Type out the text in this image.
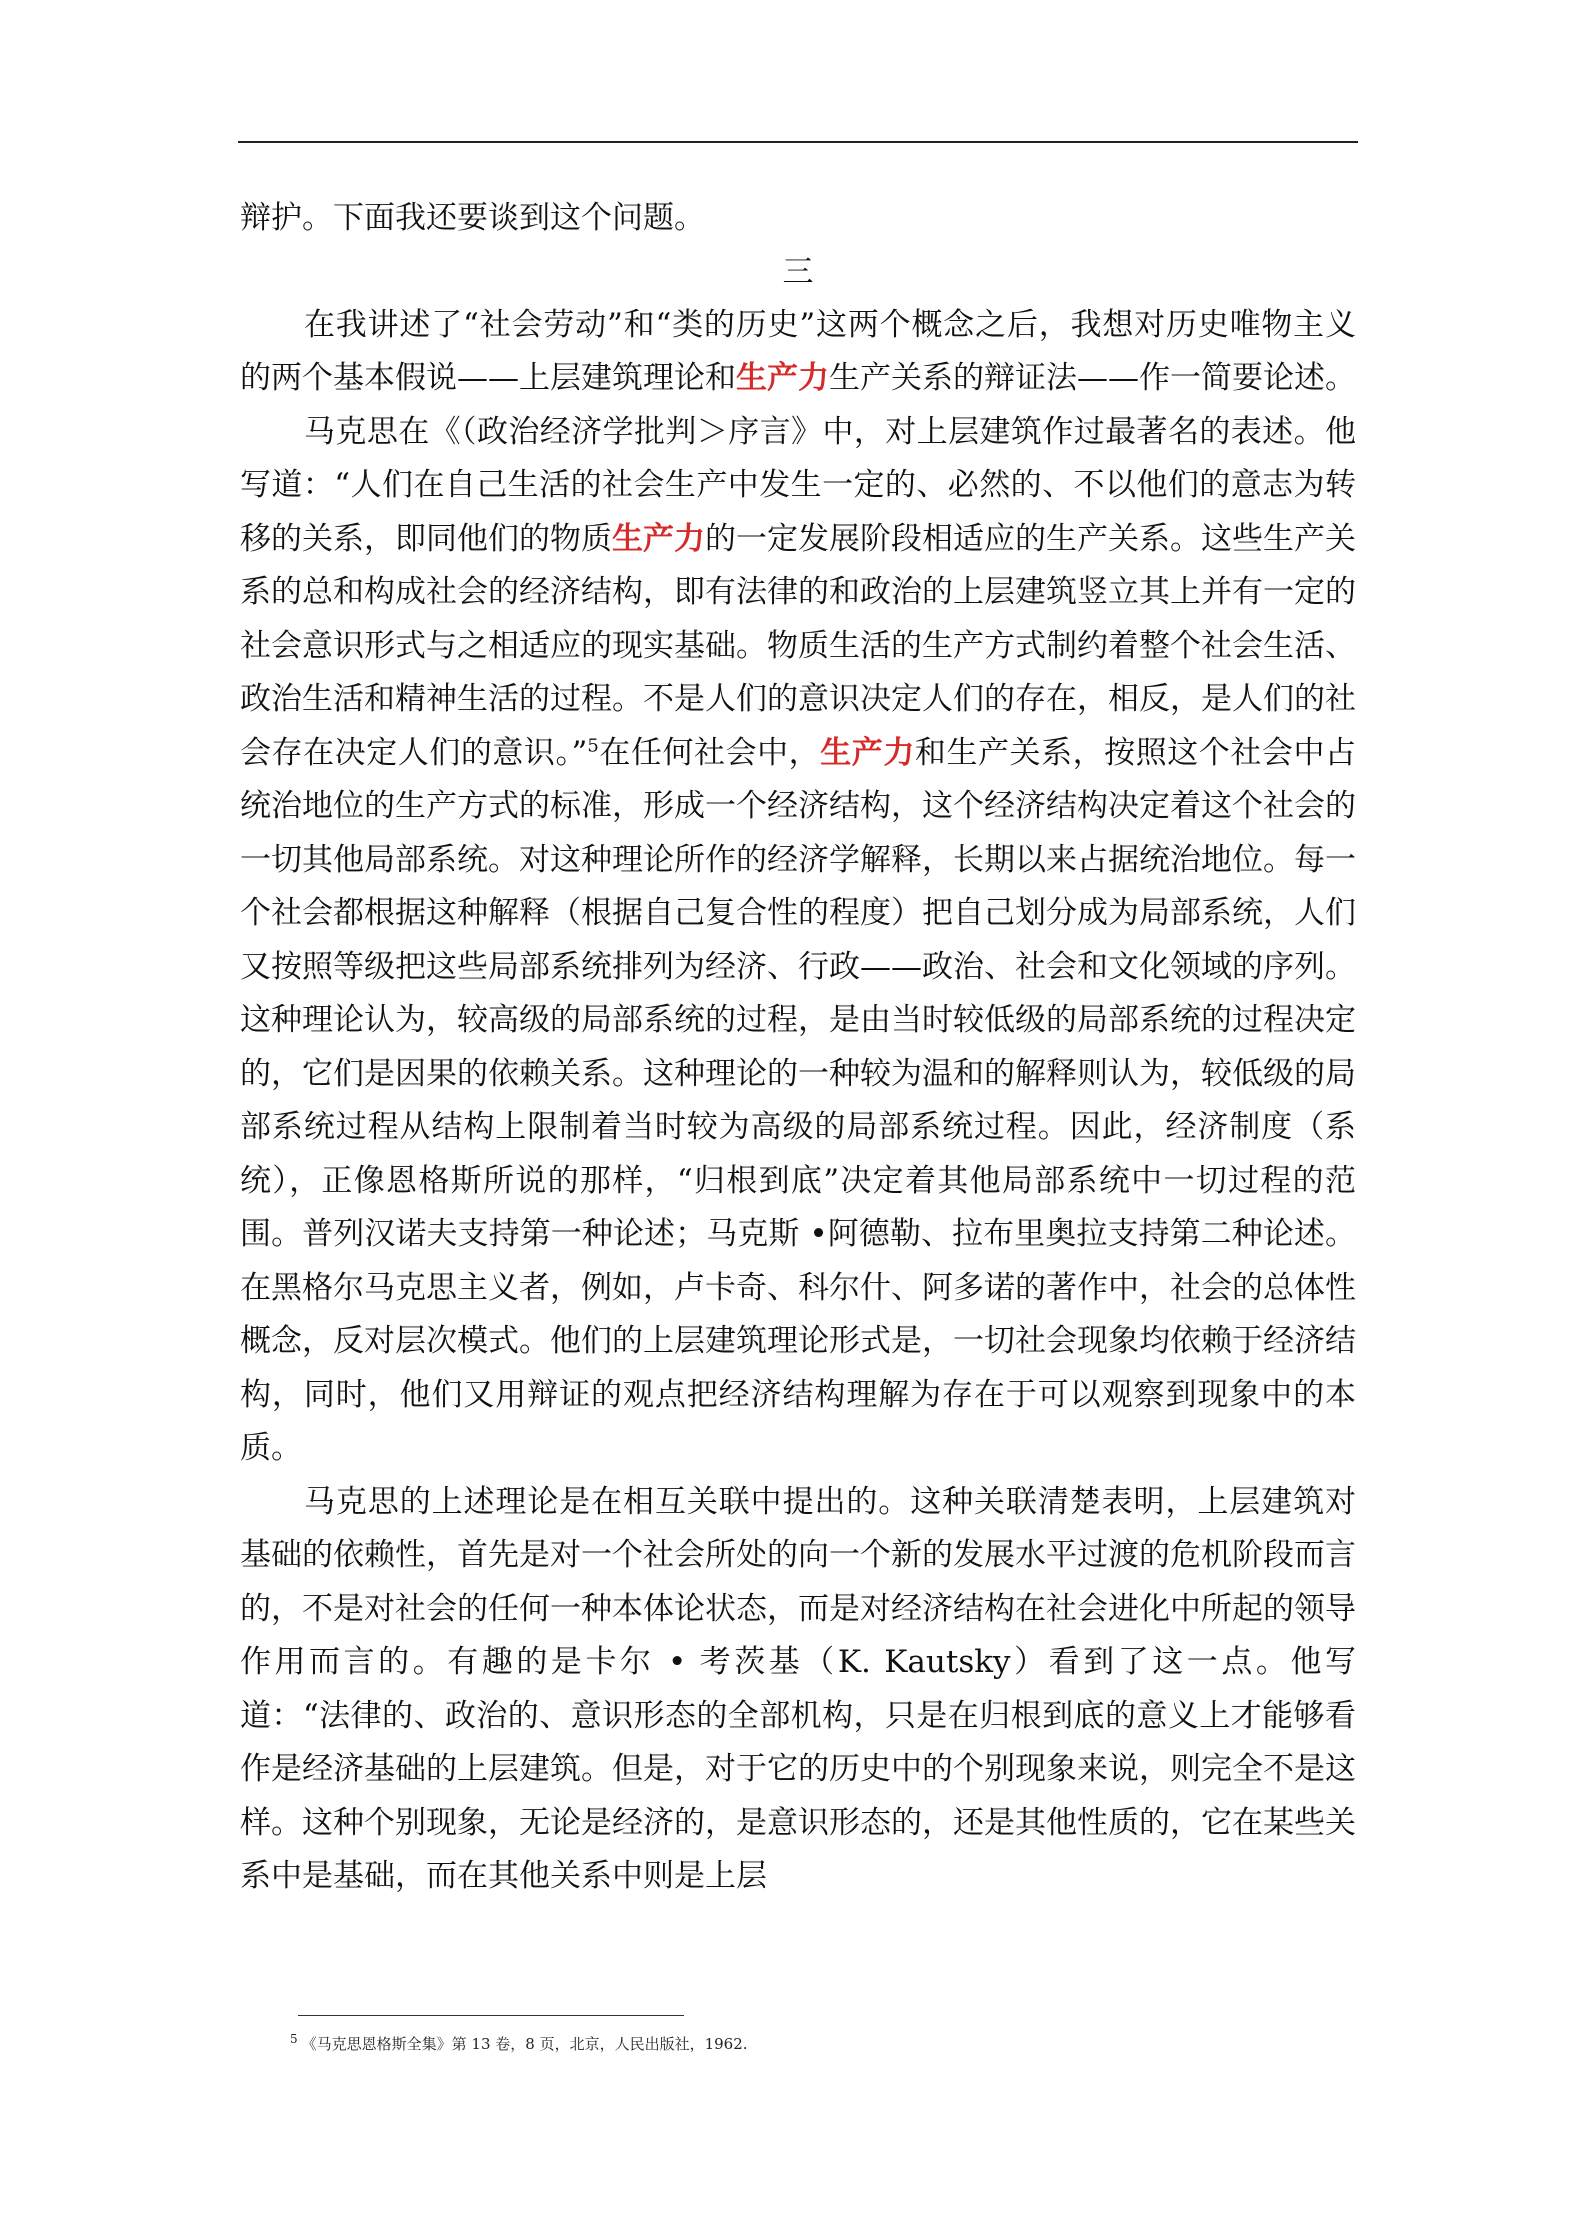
辩护。下面我还要谈到这个问题。

三

在我讲述了“社会劳动”和“类的历史”这两个概念之后，我想对历史唯物主义的两个基本假说——上层建筑理论和生产力生产关系的辩证法——作一简要论述。

马克思在《（政治经济学批判＞序言》中，对上层建筑作过最著名的表述。他写道：“人们在自己生活的社会生产中发生一定的、必然的、不以他们的意志为转移的关系，即同他们的物质生产力的一定发展阶段相适应的生产关系。这些生产关系的总和构成社会的经济结构，即有法律的和政治的上层建筑竖立其上并有一定的社会意识形式与之相适应的现实基础。物质生活的生产方式制约着整个社会生活、政治生活和精神生活的过程。不是人们的意识决定人们的存在，相反，是人们的社会存在决定人们的意识。”$^5$在任何社会中，生产力和生产关系，按照这个社会中占统治地位的生产方式的标准，形成一个经济结构，这个经济结构决定着这个社会的一切其他局部系统。对这种理论所作的经济学解释，长期以来占据统治地位。每一个社会都根据这种解释（根据自己复合性的程度）把自己划分成为局部系统，人们又按照等级把这些局部系统排列为经济、行政——政治、社会和文化领域的序列。这种理论认为，较高级的局部系统的过程，是由当时较低级的局部系统的过程决定的，它们是因果的依赖关系。这种理论的一种较为温和的解释则认为，较低级的局部系统过程从结构上限制着当时较为高级的局部系统过程。因此，经济制度（系统），正像恩格斯所说的那样，“归根到底”决定着其他局部系统中一切过程的范围。普列汉诺夫支持第一种论述；马克斯 •阿德勒、拉布里奥拉支持第二种论述。在黑格尔马克思主义者，例如，卢卡奇、科尔什、阿多诺的著作中，社会的总体性概念，反对层次模式。他们的上层建筑理论形式是，一切社会现象均依赖于经济结构，同时，他们又用辩证的观点把经济结构理解为存在于可以观察到现象中的本质。

马克思的上述理论是在相互关联中提出的。这种关联清楚表明，上层建筑对基础的依赖性，首先是对一个社会所处的向一个新的发展水平过渡的危机阶段而言的，不是对社会的任何一种本体论状态，而是对经济结构在社会进化中所起的领导作用而言的。有趣的是卡尔 • 考茨基（K. Kautsky）看到了这一点。他写道：“法律的、政治的、意识形态的全部机构，只是在归根到底的意义上才能够看作是经济基础的上层建筑。但是，对于它的历史中的个别现象来说，则完全不是这样。这种个别现象，无论是经济的，是意识形态的，还是其他性质的，它在某些关系中是基础，而在其他关系中则是上层

$^5$ 《马克思恩格斯全集》第 13 卷，8 页，北京，人民出版社，1962.
